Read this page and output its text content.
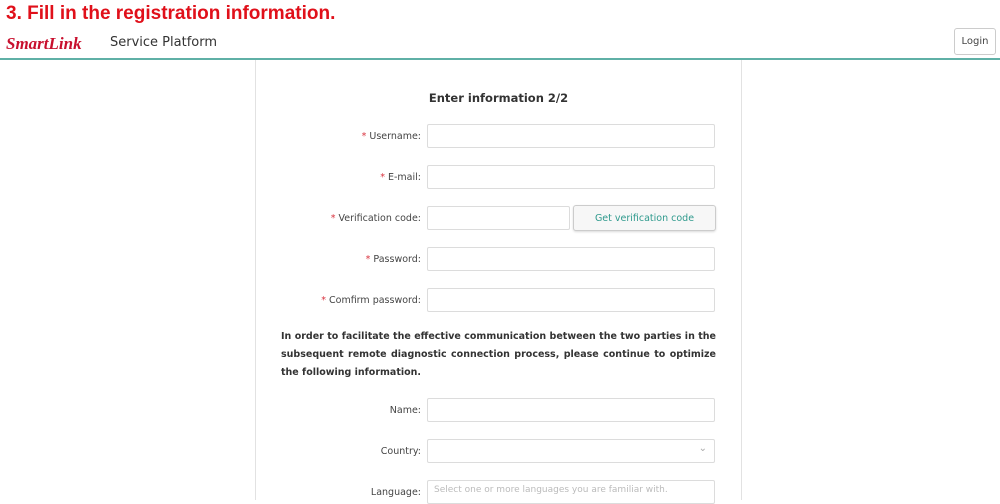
3. Fill in the registration information.
SmartLink Service Platform	Login
Enter information 2/2
* Username:
* E-mail:
* Verification code:	Get verification code
* Password:
* Comfirm password:
In order to facilitate the effective communication between the two parties in the subsequent remote diagnostic connection process, please continue to optimize the following information.
Name:
Country:	⌄
Language:	Select one or more languages you are familiar with.
